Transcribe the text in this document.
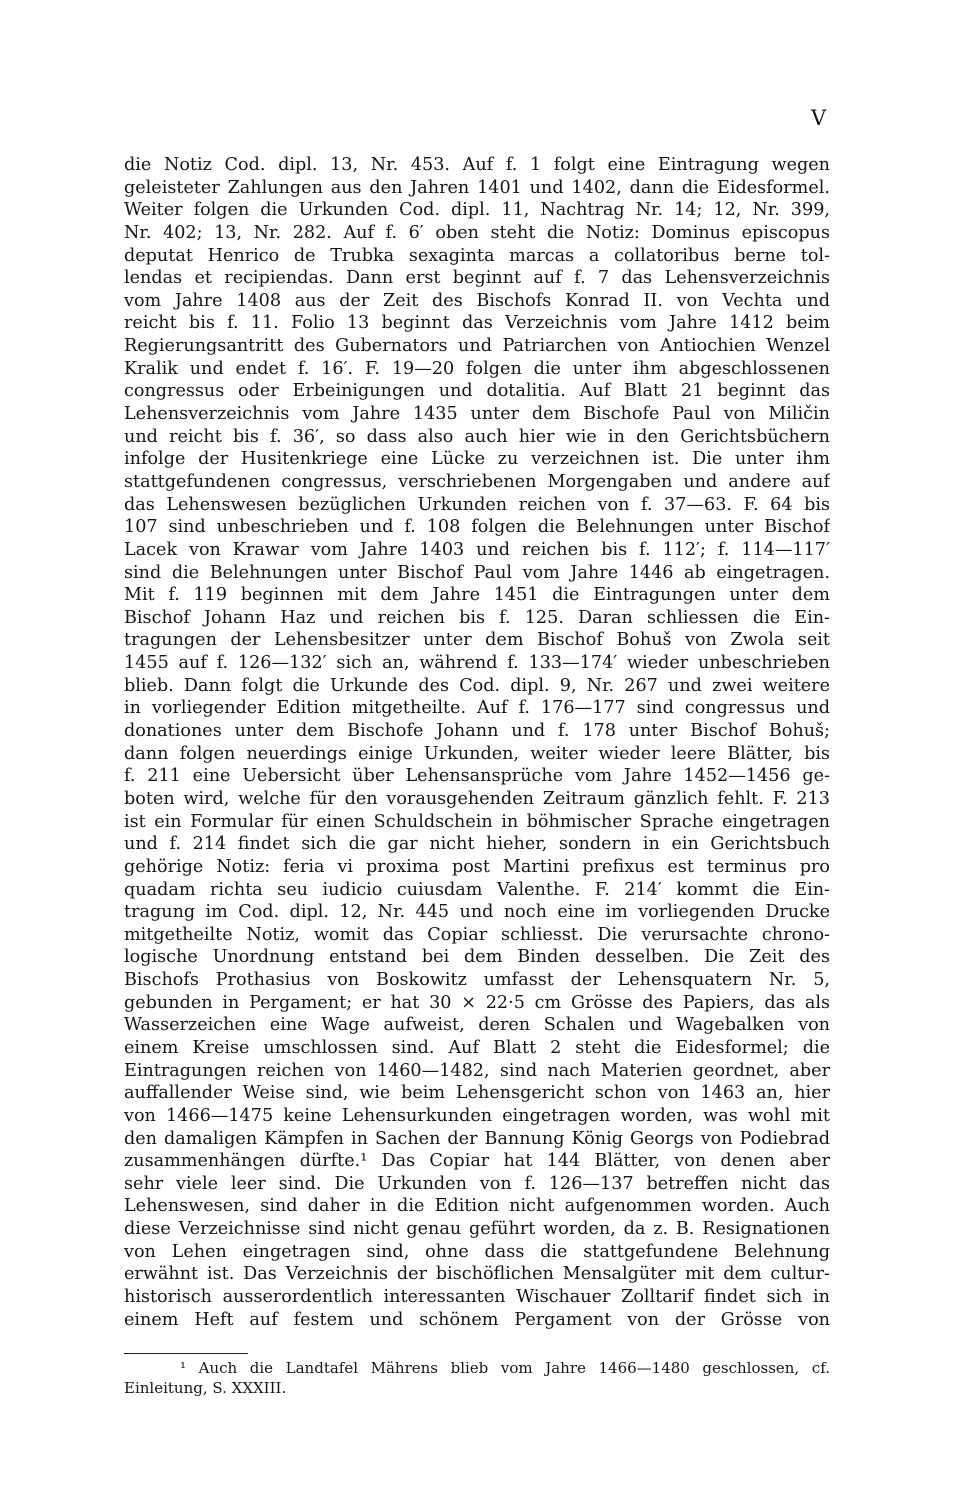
V
die Notiz Cod. dipl. 13, Nr. 453. Auf f. 1 folgt eine Eintragung wegen
geleisteter Zahlungen aus den Jahren 1401 und 1402, dann die Eidesformel.
Weiter folgen die Urkunden Cod. dipl. 11, Nachtrag Nr. 14; 12, Nr. 399,
Nr. 402; 13, Nr. 282. Auf f. 6′ oben steht die Notiz: Dominus episcopus
deputat Henrico de Trubka sexaginta marcas a collatoribus berne tol-
lendas et recipiendas. Dann erst beginnt auf f. 7 das Lehensverzeichnis
vom Jahre 1408 aus der Zeit des Bischofs Konrad II. von Vechta und
reicht bis f. 11. Folio 13 beginnt das Verzeichnis vom Jahre 1412 beim
Regierungsantritt des Gubernators und Patriarchen von Antiochien Wenzel
Kralik und endet f. 16′. F. 19—20 folgen die unter ihm abgeschlossenen
congressus oder Erbeinigungen und dotalitia. Auf Blatt 21 beginnt das
Lehensverzeichnis vom Jahre 1435 unter dem Bischofe Paul von Miličin
und reicht bis f. 36′, so dass also auch hier wie in den Gerichtsbüchern
infolge der Husitenkriege eine Lücke zu verzeichnen ist. Die unter ihm
stattgefundenen congressus, verschriebenen Morgengaben und andere auf
das Lehenswesen bezüglichen Urkunden reichen von f. 37—63. F. 64 bis
107 sind unbeschrieben und f. 108 folgen die Belehnungen unter Bischof
Lacek von Krawar vom Jahre 1403 und reichen bis f. 112′; f. 114—117′
sind die Belehnungen unter Bischof Paul vom Jahre 1446 ab eingetragen.
Mit f. 119 beginnen mit dem Jahre 1451 die Eintragungen unter dem
Bischof Johann Haz und reichen bis f. 125. Daran schliessen die Ein-
tragungen der Lehensbesitzer unter dem Bischof Bohuš von Zwola seit
1455 auf f. 126—132′ sich an, während f. 133—174′ wieder unbeschrieben
blieb. Dann folgt die Urkunde des Cod. dipl. 9, Nr. 267 und zwei weitere
in vorliegender Edition mitgetheilte. Auf f. 176—177 sind congressus und
donationes unter dem Bischofe Johann und f. 178 unter Bischof Bohuš;
dann folgen neuerdings einige Urkunden, weiter wieder leere Blätter, bis
f. 211 eine Uebersicht über Lehensansprüche vom Jahre 1452—1456 ge-
boten wird, welche für den vorausgehenden Zeitraum gänzlich fehlt. F. 213
ist ein Formular für einen Schuldschein in böhmischer Sprache eingetragen
und f. 214 findet sich die gar nicht hieher, sondern in ein Gerichtsbuch
gehörige Notiz: feria vi proxima post Martini prefixus est terminus pro
quadam richta seu iudicio cuiusdam Valenthe. F. 214′ kommt die Ein-
tragung im Cod. dipl. 12, Nr. 445 und noch eine im vorliegenden Drucke
mitgetheilte Notiz, womit das Copiar schliesst. Die verursachte chrono-
logische Unordnung entstand bei dem Binden desselben. Die Zeit des
Bischofs Prothasius von Boskowitz umfasst der Lehensquatern Nr. 5,
gebunden in Pergament; er hat 30 × 22·5 cm Grösse des Papiers, das als
Wasserzeichen eine Wage aufweist, deren Schalen und Wagebalken von
einem Kreise umschlossen sind. Auf Blatt 2 steht die Eidesformel; die
Eintragungen reichen von 1460—1482, sind nach Materien geordnet, aber
auffallender Weise sind, wie beim Lehensgericht schon von 1463 an, hier
von 1466—1475 keine Lehensurkunden eingetragen worden, was wohl mit
den damaligen Kämpfen in Sachen der Bannung König Georgs von Podiebrad
zusammenhängen dürfte.¹ Das Copiar hat 144 Blätter, von denen aber
sehr viele leer sind. Die Urkunden von f. 126—137 betreffen nicht das
Lehenswesen, sind daher in die Edition nicht aufgenommen worden. Auch
diese Verzeichnisse sind nicht genau geführt worden, da z. B. Resignationen
von Lehen eingetragen sind, ohne dass die stattgefundene Belehnung
erwähnt ist. Das Verzeichnis der bischöflichen Mensalgüter mit dem cultur-
historisch ausserordentlich interessanten Wischauer Zolltarif findet sich in
einem Heft auf festem und schönem Pergament von der Grösse von
¹ Auch die Landtafel Mährens blieb vom Jahre 1466—1480 geschlossen, cf.
Einleitung, S. XXXIII.
